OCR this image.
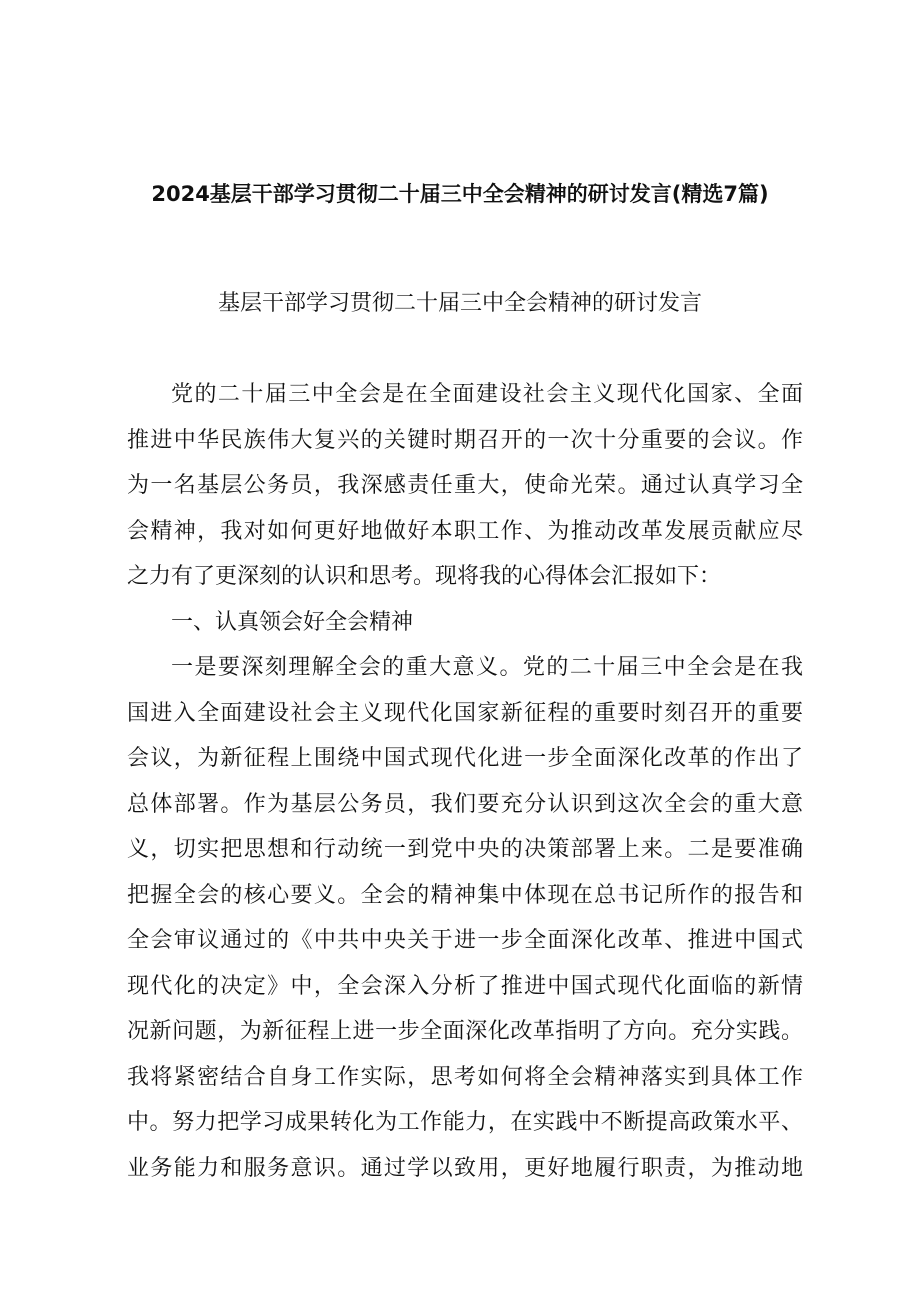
2024基层干部学习贯彻二十届三中全会精神的研讨发言(精选7篇)
基层干部学习贯彻二十届三中全会精神的研讨发言
党的二十届三中全会是在全面建设社会主义现代化国家、全面
推进中华民族伟大复兴的关键时期召开的一次十分重要的会议。作
为一名基层公务员，我深感责任重大，使命光荣。通过认真学习全
会精神，我对如何更好地做好本职工作、为推动改革发展贡献应尽
之力有了更深刻的认识和思考。现将我的心得体会汇报如下：
一、认真领会好全会精神
一是要深刻理解全会的重大意义。党的二十届三中全会是在我
国进入全面建设社会主义现代化国家新征程的重要时刻召开的重要
会议，为新征程上围绕中国式现代化进一步全面深化改革的作出了
总体部署。作为基层公务员，我们要充分认识到这次全会的重大意
义，切实把思想和行动统一到党中央的决策部署上来。二是要准确
把握全会的核心要义。全会的精神集中体现在总书记所作的报告和
全会审议通过的《中共中央关于进一步全面深化改革、推进中国式
现代化的决定》中，全会深入分析了推进中国式现代化面临的新情
况新问题，为新征程上进一步全面深化改革指明了方向。充分实践。
我将紧密结合自身工作实际，思考如何将全会精神落实到具体工作
中。努力把学习成果转化为工作能力，在实践中不断提高政策水平、
业务能力和服务意识。通过学以致用，更好地履行职责，为推动地
